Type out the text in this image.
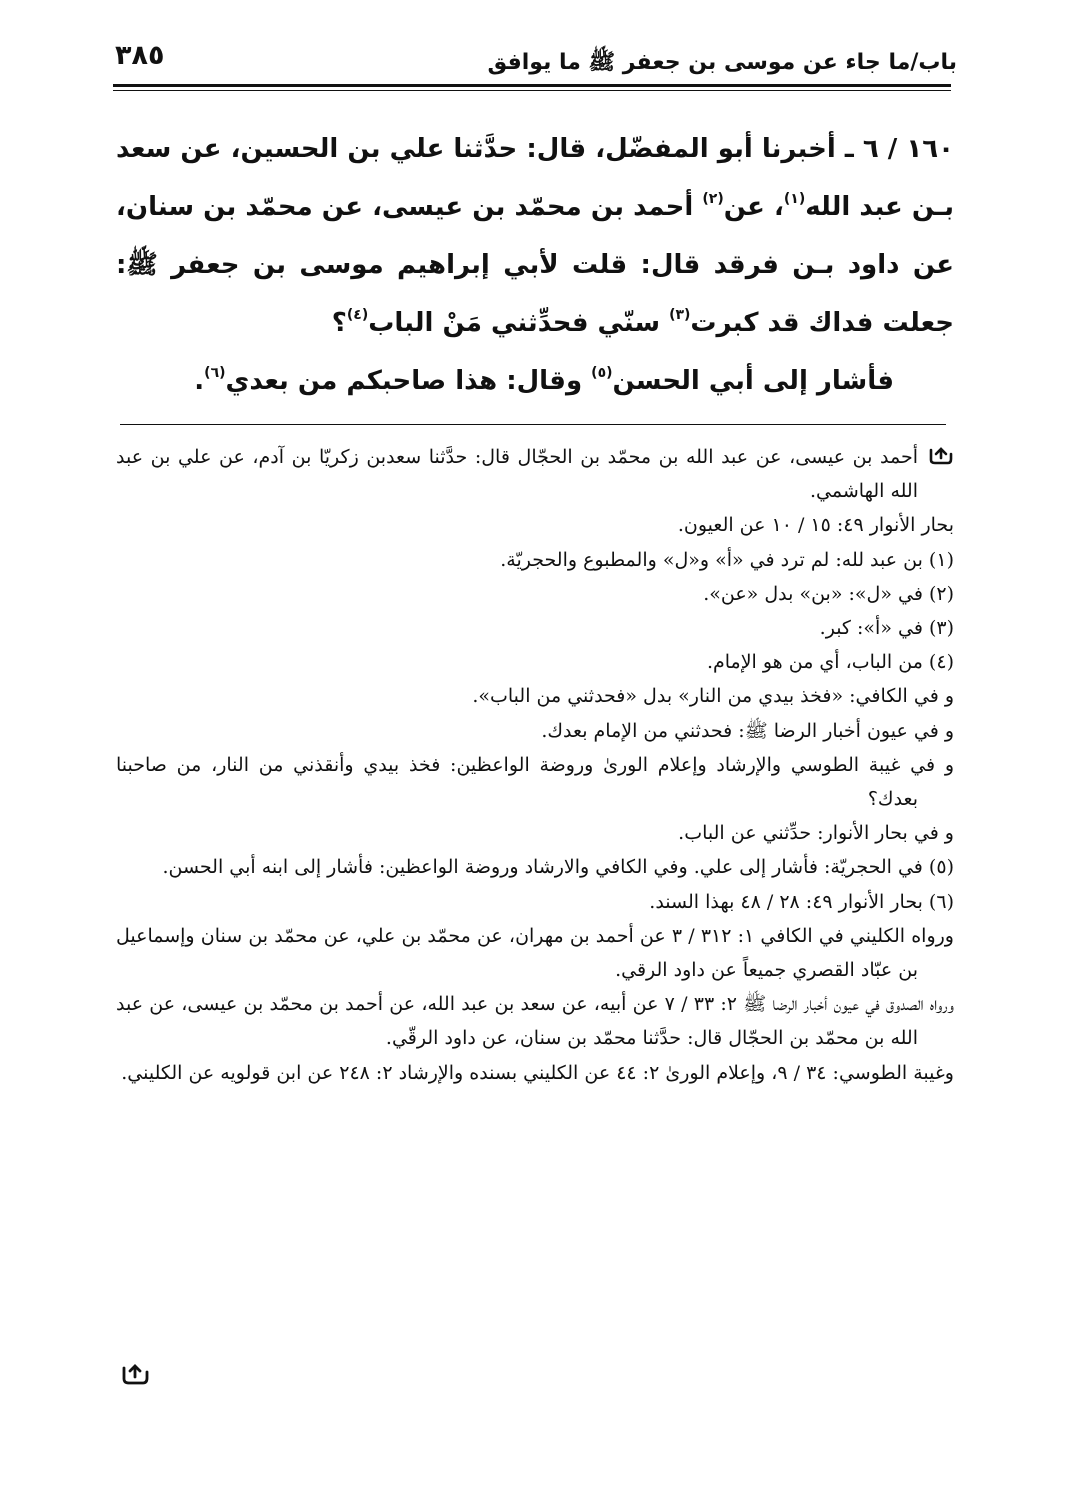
باب/ما جاء عن موسى بن جعفر ﷺ ما يوافق
٣٨٥

١٦٠ / ٦ ـ أخبرنا أبو المفضّل، قال: حدَّثنا علي بن الحسين، عن سعد بـن عبد الله$^{(١)}$، عن$^{(٢)}$ أحمد بن محمّد بن عيسى، عن محمّد بن سنان، عن داود بـن فرقد قال: قلت لأبي إبراهيم موسى بن جعفر ﷺ: جعلت فداك قد كبرت$^{(٣)}$ سنّي فحدِّثني مَنْ الباب$^{(٤)}$؟

فأشار إلى أبي الحسن$^{(٥)}$ وقال: هذا صاحبكم من بعدي$^{(٦)}$.

أحمد بن عيسى، عن عبد الله بن محمّد بن الحجّال قال: حدَّثنا سعدبن زكريّا بن آدم، عن علي بن عبد الله الهاشمي.

بحار الأنوار ٤٩: ١٥ / ١٠ عن العيون.

(١) بن عبد لله: لم ترد في «أ» و«ل» والمطبوع والحجريّة.

(٢) في «ل»: «بن» بدل «عن».

(٣) في «أ»: كبر.

(٤) من الباب، أي من هو الإمام.

و في الكافي: «فخذ بيدي من النار» بدل «فحدثني من الباب».

و في عيون أخبار الرضا ﷺ: فحدثني من الإمام بعدك.

و في غيبة الطوسي والإرشاد وإعلام الورىٰ وروضة الواعظين: فخذ بيدي وأنقذني من النار، من صاحبنا بعدك؟

و في بحار الأنوار: حدِّثني عن الباب.

(٥) في الحجريّة: فأشار إلى علي. وفي الكافي والارشاد وروضة الواعظين: فأشار إلى ابنه أبي الحسن.

(٦) بحار الأنوار ٤٩: ٢٨ / ٤٨ بهذا السند.

ورواه الكليني في الكافي ١: ٣١٢ / ٣ عن أحمد بن مهران، عن محمّد بن علي، عن محمّد بن سنان وإسماعيل بن عبّاد القصري جميعاً عن داود الرقي.

ورواه الصدوق في عيون أخبار الرضا ﷺ ٢: ٣٣ / ٧ عن أبيه، عن سعد بن عبد الله، عن أحمد بن محمّد بن عيسى، عن عبد الله بن محمّد بن الحجّال قال: حدَّثنا محمّد بن سنان، عن داود الرقّي.

وغيبة الطوسي: ٣٤ / ٩، وإعلام الورىٰ ٢: ٤٤ عن الكليني بسنده والإرشاد ٢: ٢٤٨ عن ابن قولويه عن الكليني.
